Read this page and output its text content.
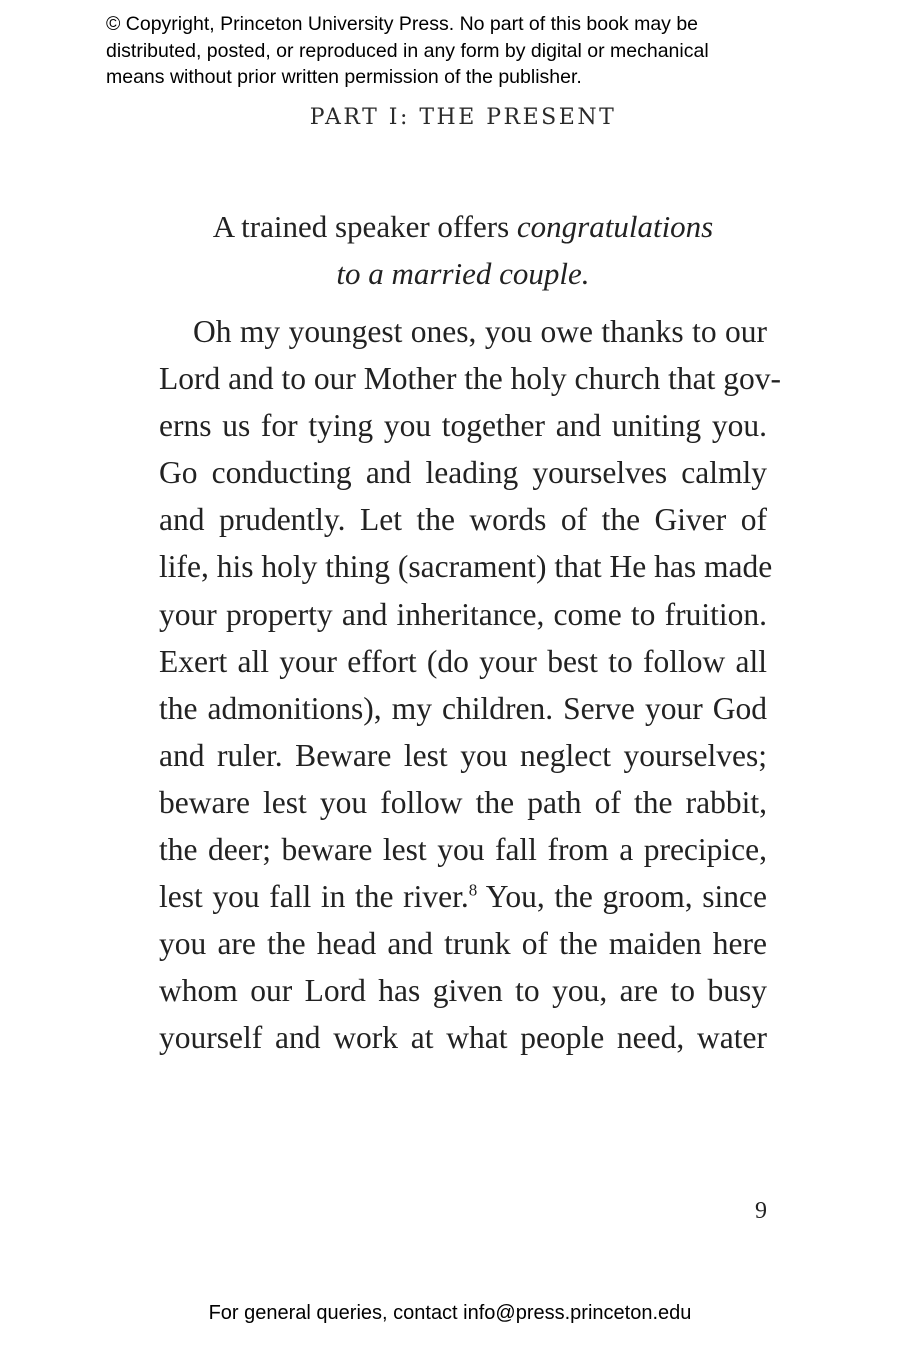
© Copyright, Princeton University Press. No part of this book may be
distributed, posted, or reproduced in any form by digital or mechanical
means without prior written permission of the publisher.
PART I: THE PRESENT
A trained speaker offers congratulations
to a married couple.
Oh my youngest ones, you owe thanks to our
Lord and to our Mother the holy church that gov-
erns us for tying you together and uniting you.
Go conducting and leading yourselves calmly
and prudently. Let the words of the Giver of
life, his holy thing (sacrament) that He has made
your property and inheritance, come to fruition.
Exert all your effort (do your best to follow all
the admonitions), my children. Serve your God
and ruler. Beware lest you neglect yourselves;
beware lest you follow the path of the rabbit,
the deer; beware lest you fall from a precipice,
lest you fall in the river.$^8$ You, the groom, since
you are the head and trunk of the maiden here
whom our Lord has given to you, are to busy
yourself and work at what people need, water
9
For general queries, contact info@press.princeton.edu
